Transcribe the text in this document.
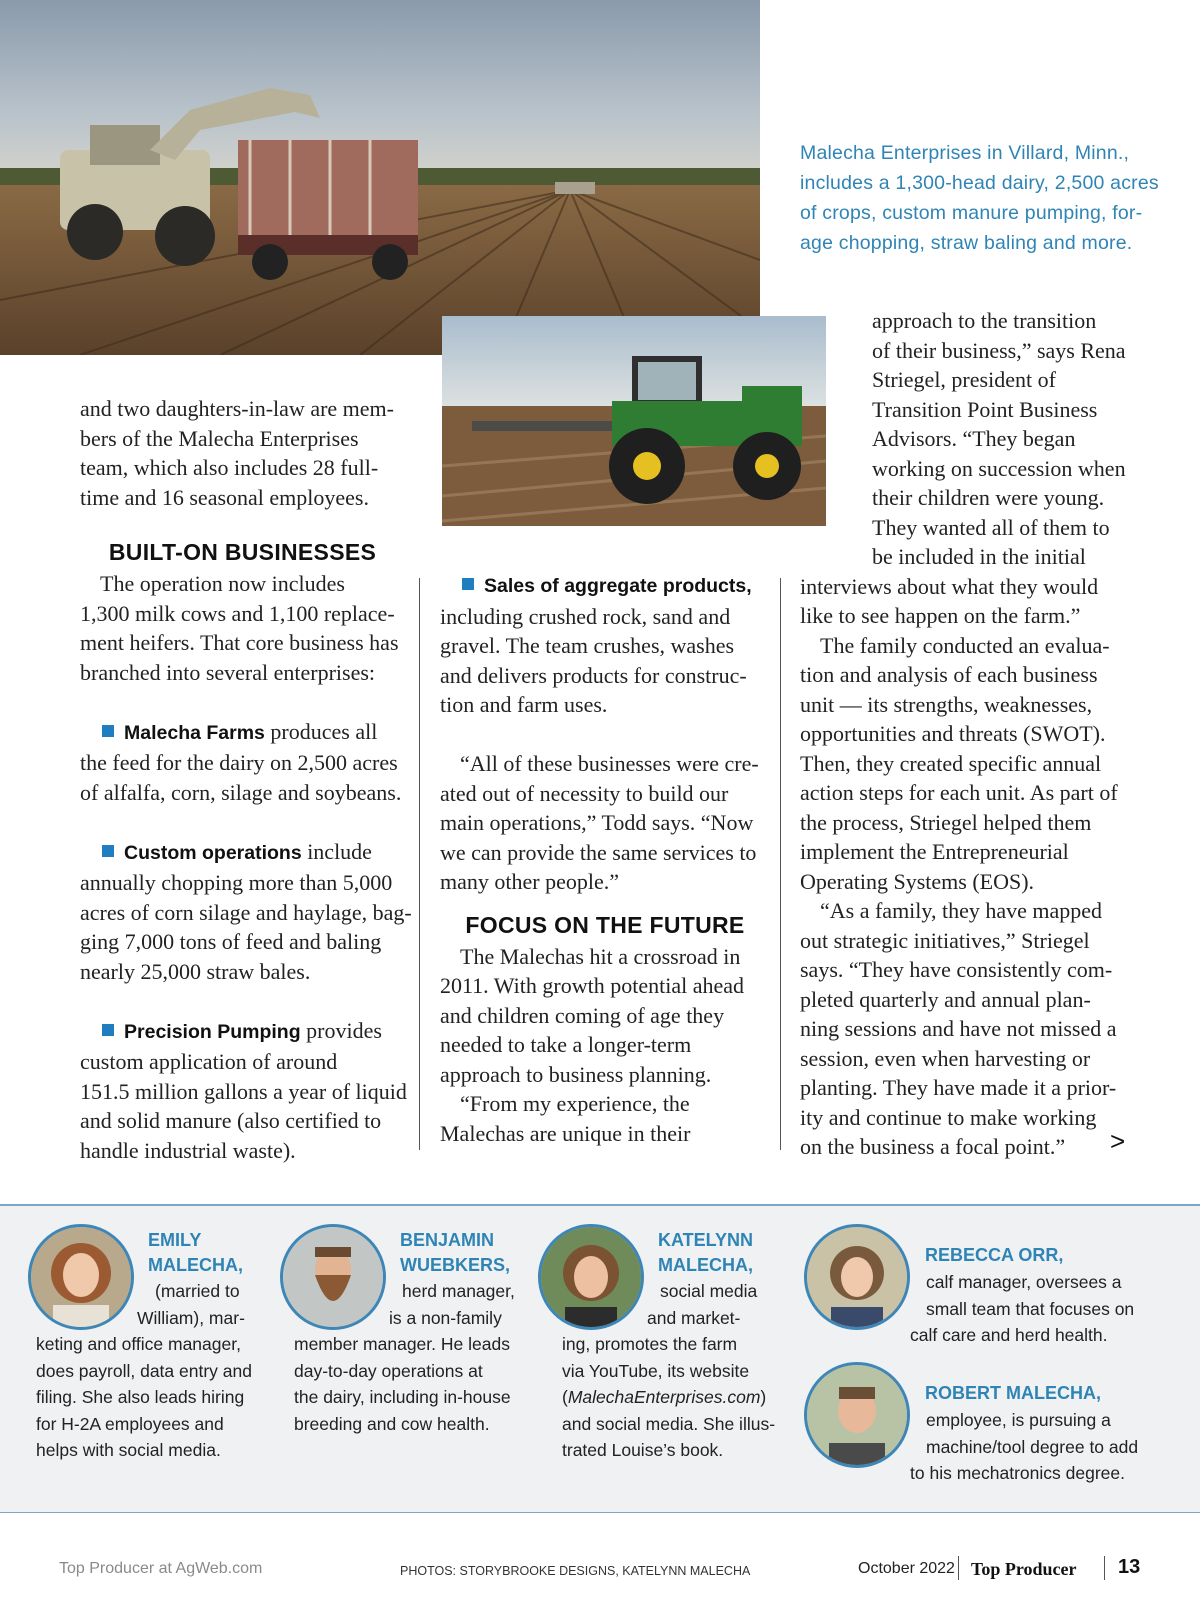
Malecha Enterprises in Villard, Minn.,
includes a 1,300-head dairy, 2,500 acres
of crops, custom manure pumping, for-
age chopping, straw baling and more.
and two daughters-in-law are mem-
bers of the Malecha Enterprises
team, which also includes 28 full-
time and 16 seasonal employees.
BUILT-ON BUSINESSES
The operation now includes
1,300 milk cows and 1,100 replace-
ment heifers. That core business has
branched into several enterprises:

Malecha Farms produces all
the feed for the dairy on 2,500 acres
of alfalfa, corn, silage and soybeans.

Custom operations include
annually chopping more than 5,000
acres of corn silage and haylage, bag-
ging 7,000 tons of feed and baling
nearly 25,000 straw bales.

Precision Pumping provides
custom application of around
151.5 million gallons a year of liquid
and solid manure (also certified to
handle industrial waste).
Sales of aggregate products,
including crushed rock, sand and
gravel. The team crushes, washes
and delivers products for construc-
tion and farm uses.

“All of these businesses were cre-
ated out of necessity to build our
main operations,” Todd says. “Now
we can provide the same services to
many other people.”
FOCUS ON THE FUTURE
The Malechas hit a crossroad in
2011. With growth potential ahead
and children coming of age they
needed to take a longer-term
approach to business planning.
“From my experience, the
Malechas are unique in their
approach to the transition
of their business,” says Rena
Striegel, president of
Transition Point Business
Advisors. “They began
working on succession when
their children were young.
They wanted all of them to
be included in the initial
interviews about what they would
like to see happen on the farm.”
The family conducted an evalua-
tion and analysis of each business
unit — its strengths, weaknesses,
opportunities and threats (SWOT).
Then, they created specific annual
action steps for each unit. As part of
the process, Striegel helped them
implement the Entrepreneurial
Operating Systems (EOS).
“As a family, they have mapped
out strategic initiatives,” Striegel
says. “They have consistently com-
pleted quarterly and annual plan-
ning sessions and have not missed a
session, even when harvesting or
planting. They have made it a prior-
ity and continue to make working
on the business a focal point.”	>
EMILY
MALECHA,
(married to
William), mar-
keting and office manager,
does payroll, data entry and
filing. She also leads hiring
for H-2A employees and
helps with social media.
BENJAMIN
WUEBKERS,
herd manager,
is a non-family
member manager. He leads
day-to-day operations at
the dairy, including in-house
breeding and cow health.
KATELYNN
MALECHA,
social media
and market-
ing, promotes the farm
via YouTube, its website
(MalechaEnterprises.com)
and social media. She illus-
trated Louise’s book.
REBECCA ORR,
calf manager, oversees a
small team that focuses on
calf care and herd health.
ROBERT MALECHA,
employee, is pursuing a
machine/tool degree to add
to his mechatronics degree.
Top Producer at AgWeb.com	PHOTOS: STORYBROOKE DESIGNS, KATELYNN MALECHA	October 2022 Top Producer 13
